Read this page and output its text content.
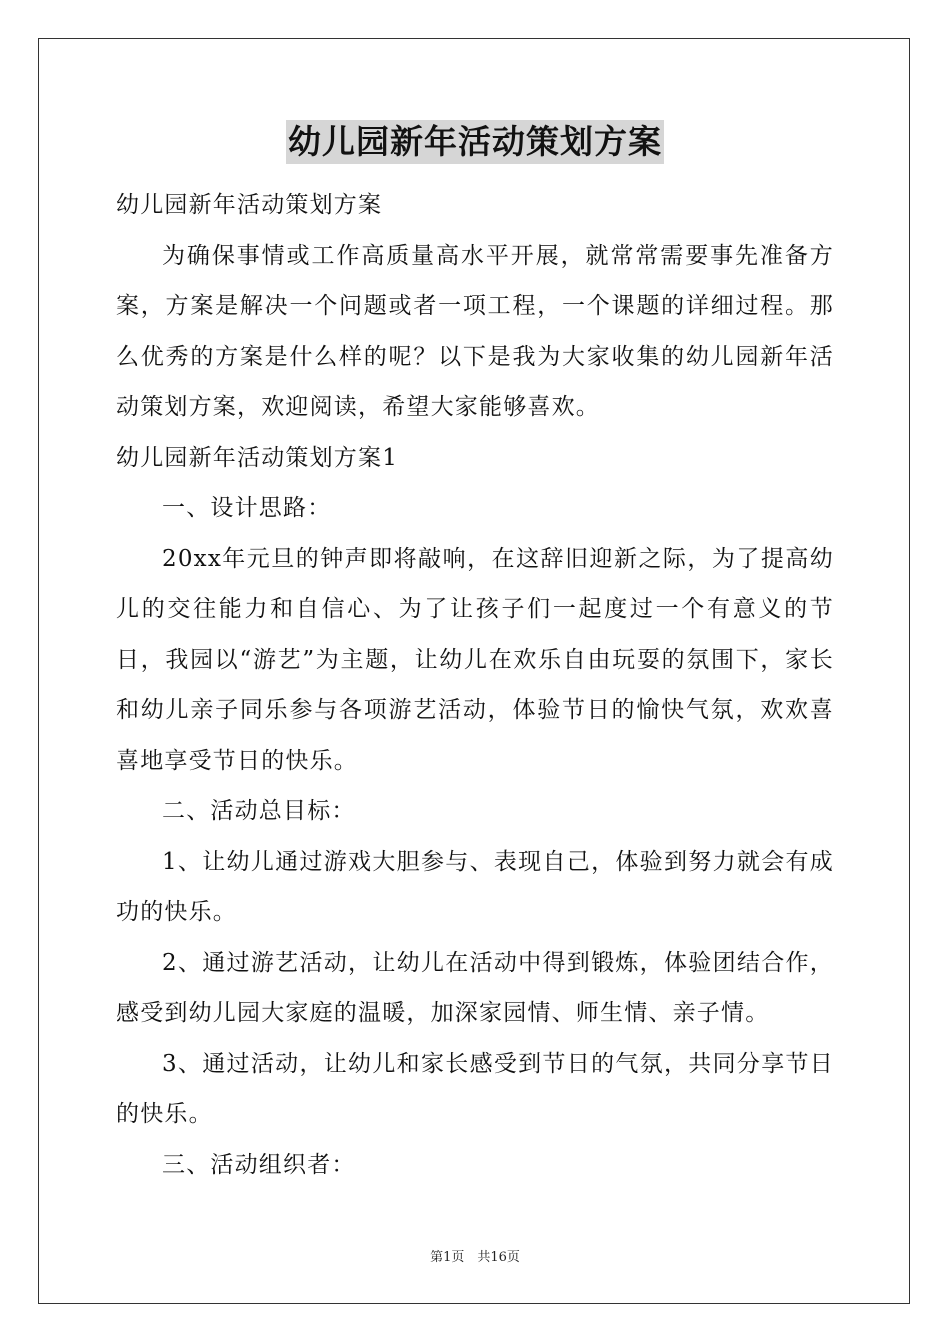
幼儿园新年活动策划方案

幼儿园新年活动策划方案

为确保事情或工作高质量高水平开展，就常常需要事先准备方案，方案是解决一个问题或者一项工程，一个课题的详细过程。那么优秀的方案是什么样的呢？以下是我为大家收集的幼儿园新年活动策划方案，欢迎阅读，希望大家能够喜欢。

幼儿园新年活动策划方案1

一、设计思路：

20xx年元旦的钟声即将敲响，在这辞旧迎新之际，为了提高幼儿的交往能力和自信心、为了让孩子们一起度过一个有意义的节日，我园以“游艺”为主题，让幼儿在欢乐自由玩耍的氛围下，家长和幼儿亲子同乐参与各项游艺活动，体验节日的愉快气氛，欢欢喜喜地享受节日的快乐。

二、活动总目标：

1、让幼儿通过游戏大胆参与、表现自己，体验到努力就会有成功的快乐。

2、通过游艺活动，让幼儿在活动中得到锻炼，体验团结合作，感受到幼儿园大家庭的温暖，加深家园情、师生情、亲子情。

3、通过活动，让幼儿和家长感受到节日的气氛，共同分享节日的快乐。

三、活动组织者：

第1页　共16页
